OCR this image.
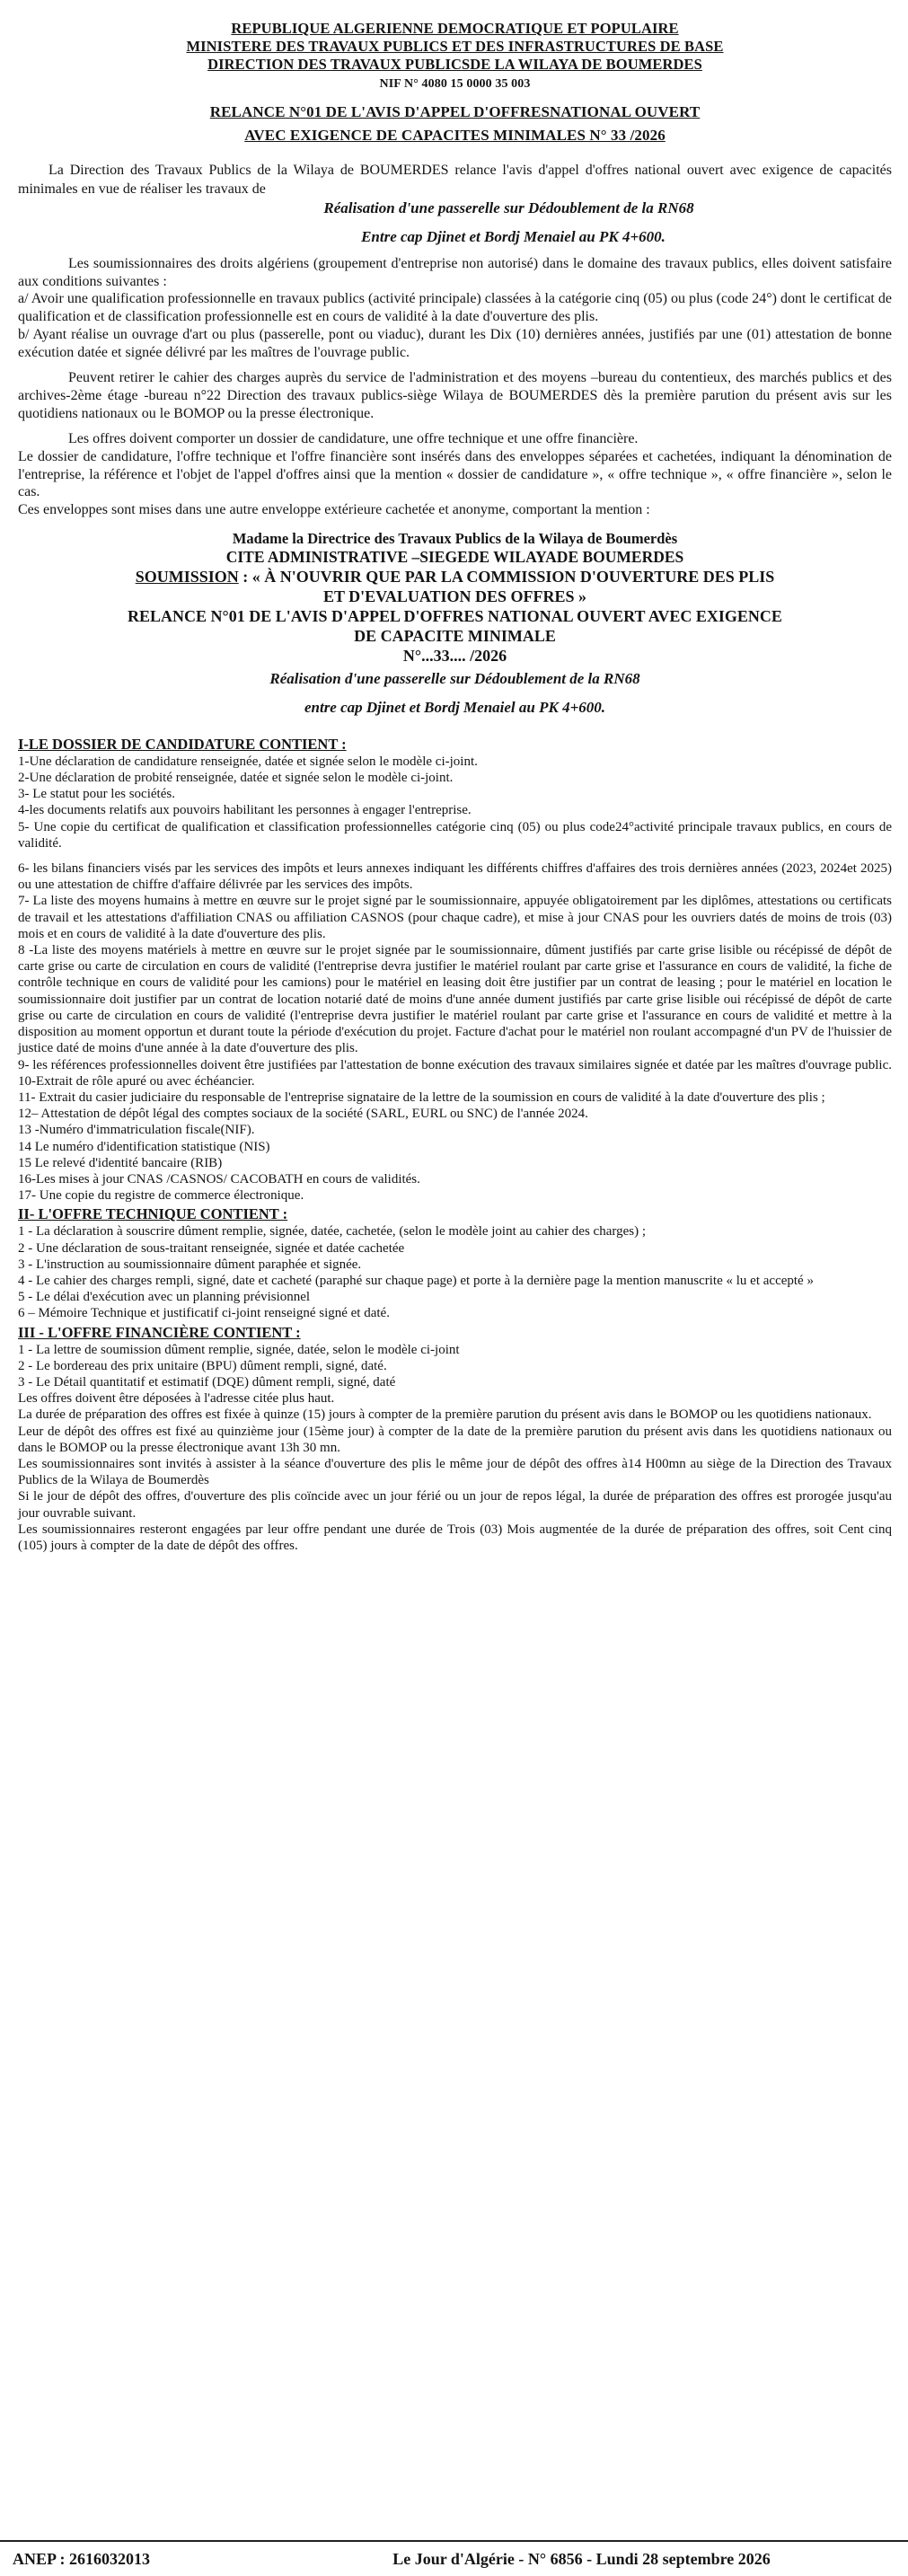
REPUBLIQUE ALGERIENNE DEMOCRATIQUE ET POPULAIRE

MINISTERE DES TRAVAUX PUBLICS ET DES INFRASTRUCTURES DE BASE

DIRECTION DES TRAVAUX PUBLICSDE LA WILAYA DE BOUMERDES

NIF N° 4080 15 0000 35 003

RELANCE N°01 DE L'AVIS D'APPEL D'OFFRESNATIONAL OUVERT

AVEC EXIGENCE DE CAPACITES MINIMALES N° 33 /2026

La Direction des Travaux Publics de la Wilaya de BOUMERDES relance l'avis d'appel d'offres national ouvert avec exigence de capacités minimales en vue de réaliser les travaux de

Réalisation d'une passerelle sur Dédoublement de la RN68

Entre cap Djinet et Bordj Menaiel au PK 4+600.

Les soumissionnaires des droits algériens (groupement d'entreprise non autorisé) dans le domaine des travaux publics, elles doivent satisfaire aux conditions suivantes :

a/ Avoir une qualification professionnelle en travaux publics (activité principale) classées à la catégorie cinq (05) ou plus (code 24°) dont le certificat de qualification et de classification professionnelle est en cours de validité à la date d'ouverture des plis.

b/ Ayant réalise un ouvrage d'art ou plus (passerelle, pont ou viaduc), durant les Dix (10) dernières années, justifiés par une (01) attestation de bonne exécution datée et signée délivré par les maîtres de l'ouvrage public.

Peuvent retirer le cahier des charges auprès du service de l'administration et des moyens –bureau du contentieux, des marchés publics et des archives-2ème étage -bureau n°22 Direction des travaux publics-siège Wilaya de BOUMERDES dès la première parution du présent avis sur les quotidiens nationaux ou le BOMOP ou la presse électronique.

Les offres doivent comporter un dossier de candidature, une offre technique et une offre financière.

Le dossier de candidature, l'offre technique et l'offre financière sont insérés dans des enveloppes séparées et cachetées, indiquant la dénomination de l'entreprise, la référence et l'objet de l'appel d'offres ainsi que la mention « dossier de candidature », « offre technique », « offre financière », selon le cas.

Ces enveloppes sont mises dans une autre enveloppe extérieure cachetée et anonyme, comportant la mention :

Madame la Directrice des Travaux Publics de la Wilaya de Boumerdès

CITE ADMINISTRATIVE –SIEGEDE WILAYADE BOUMERDES

SOUMISSION : « À N'OUVRIR QUE PAR LA COMMISSION D'OUVERTURE DES PLIS

ET D'EVALUATION DES OFFRES »

RELANCE N°01 DE L'AVIS D'APPEL D'OFFRES NATIONAL OUVERT AVEC EXIGENCE

DE CAPACITE MINIMALE

N°...33.... /2026

Réalisation d'une passerelle sur Dédoublement de la RN68

entre cap Djinet et Bordj Menaiel au PK 4+600.

I-LE DOSSIER DE CANDIDATURE CONTIENT :

1-Une déclaration de candidature renseignée, datée et signée selon le modèle ci-joint.

2-Une déclaration de probité renseignée, datée et signée selon le modèle ci-joint.

3- Le statut pour les sociétés.

4-les documents relatifs aux pouvoirs habilitant les personnes à engager l'entreprise.

5- Une copie du certificat de qualification et classification professionnelles catégorie cinq (05) ou plus code24°activité principale travaux publics, en cours de validité.

6- les bilans financiers visés par les services des impôts et leurs annexes indiquant les différents chiffres d'affaires des trois dernières années (2023, 2024et 2025) ou une attestation de chiffre d'affaire délivrée par les services des impôts.

7- La liste des moyens humains à mettre en œuvre sur le projet signé par le soumissionnaire, appuyée obligatoirement par les diplômes, attestations ou certificats de travail et les attestations d'affiliation CNAS ou affiliation CASNOS (pour chaque cadre), et mise à jour CNAS pour les ouvriers datés de moins de trois (03) mois et en cours de validité à la date d'ouverture des plis.

8 -La liste des moyens matériels à mettre en œuvre sur le projet signée par le soumissionnaire, dûment justifiés par carte grise lisible ou récépissé de dépôt de carte grise ou carte de circulation en cours de validité (l'entreprise devra justifier le matériel roulant par carte grise et l'assurance en cours de validité, la fiche de contrôle technique en cours de validité pour les camions) pour le matériel en leasing doit être justifier par un contrat de leasing ; pour le matériel en location le soumissionnaire doit justifier par un contrat de location notarié daté de moins d'une année dument justifiés par carte grise lisible oui récépissé de dépôt de carte grise ou carte de circulation en cours de validité (l'entreprise devra justifier le matériel roulant par carte grise et l'assurance en cours de validité et mettre à la disposition au moment opportun et durant toute la période d'exécution du projet. Facture d'achat pour le matériel non roulant accompagné d'un PV de l'huissier de justice daté de moins d'une année à la date d'ouverture des plis.

9- les références professionnelles doivent être justifiées par l'attestation de bonne exécution des travaux similaires signée et datée par les maîtres d'ouvrage public.

10-Extrait de rôle apuré ou avec échéancier.

11- Extrait du casier judiciaire du responsable de l'entreprise signataire de la lettre de la soumission en cours de validité à la date d'ouverture des plis ;

12– Attestation de dépôt légal des comptes sociaux de la société (SARL, EURL ou SNC) de l'année 2024.

13 -Numéro d'immatriculation fiscale(NIF).

14 Le numéro d'identification statistique (NIS)

15 Le relevé d'identité bancaire (RIB)

16-Les mises à jour CNAS /CASNOS/ CACOBATH en cours de validités.

17- Une copie du registre de commerce électronique.

II- L'OFFRE TECHNIQUE CONTIENT :

1 - La déclaration à souscrire dûment remplie, signée, datée, cachetée, (selon le modèle joint au cahier des charges) ;

2 - Une déclaration de sous-traitant renseignée, signée et datée cachetée

3 - L'instruction au soumissionnaire dûment paraphée et signée.

4 - Le cahier des charges rempli, signé, date et cacheté (paraphé sur chaque page) et porte à la dernière page la mention manuscrite « lu et accepté »

5 - Le délai d'exécution avec un planning prévisionnel

6 – Mémoire Technique et justificatif ci-joint renseigné signé et daté.

III - L'OFFRE FINANCIÈRE CONTIENT :

1 - La lettre de soumission dûment remplie, signée, datée, selon le modèle ci-joint

2 - Le bordereau des prix unitaire (BPU) dûment rempli, signé, daté.

3 - Le Détail quantitatif et estimatif (DQE) dûment rempli, signé, daté

Les offres doivent être déposées à l'adresse citée plus haut.

La durée de préparation des offres est fixée à quinze (15) jours à compter de la première parution du présent avis dans le BOMOP ou les quotidiens nationaux.

Leur de dépôt des offres est fixé au quinzième jour (15ème jour) à compter de la date de la première parution du présent avis dans les quotidiens nationaux ou dans le BOMOP ou la presse électronique avant 13h 30 mn.

Les soumissionnaires sont invités à assister à la séance d'ouverture des plis le même jour de dépôt des offres à14 H00mn au siège de la Direction des Travaux Publics de la Wilaya de Boumerdès

Si le jour de dépôt des offres, d'ouverture des plis coïncide avec un jour férié ou un jour de repos légal, la durée de préparation des offres est prorogée jusqu'au jour ouvrable suivant.

Les soumissionnaires resteront engagées par leur offre pendant une durée de Trois (03) Mois augmentée de la durée de préparation des offres, soit Cent cinq (105) jours à compter de la date de dépôt des offres.

ANEP : 2616032013	Le Jour d'Algérie - N° 6856 - Lundi 28 septembre 2026
